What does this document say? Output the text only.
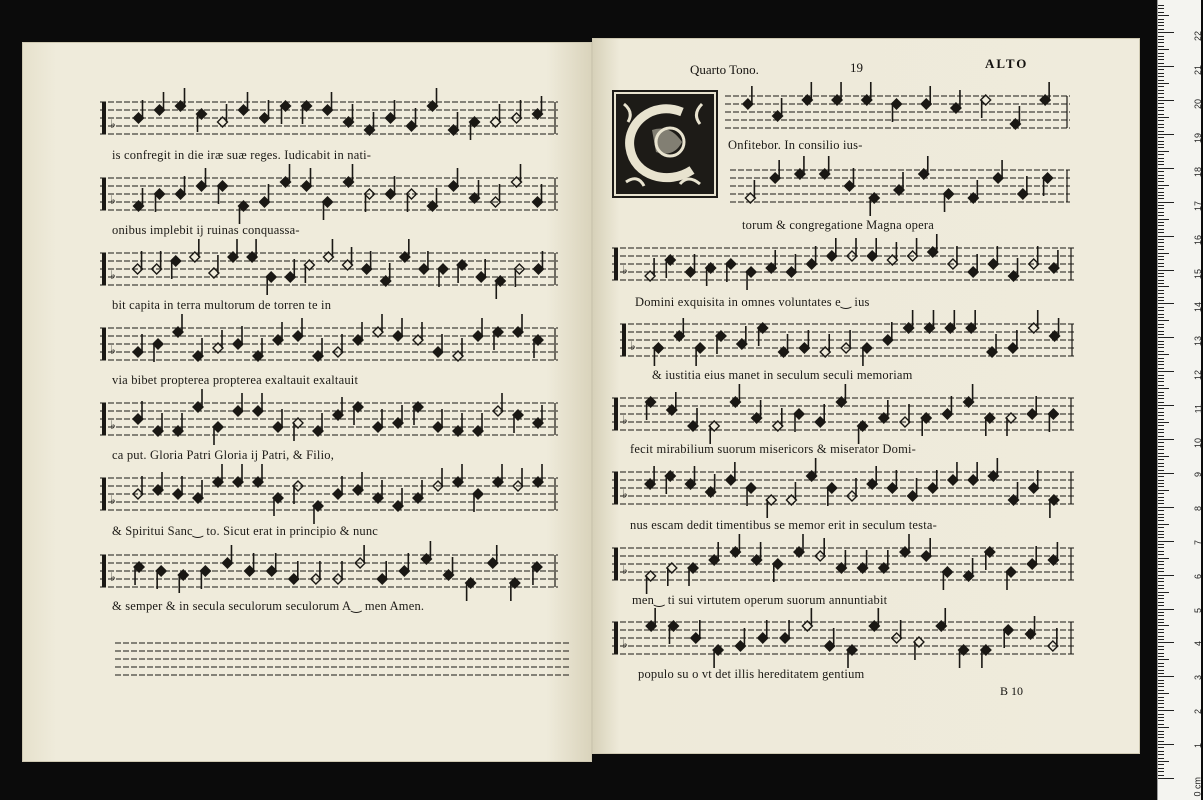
Quarto Tono.	19	ALTO
♭
♭
♭
♭
♭
♭
♭
♭
♭
♭
♭
♭
♭
is confregit in die iræ suæ reges. Iudicabit in nati-
onibus implebit ij ruinas conquassa-
bit capita in terra multorum de torren te in
via bibet propterea propterea exaltauit exaltauit
ca put. Gloria Patri Gloria ij Patri, & Filio,
& Spiritui Sanc‿ to. Sicut erat in principio & nunc
& semper & in secula seculorum seculorum A‿ men Amen.
Onfitebor. In consilio ius-
torum & congregatione Magna opera
Domini exquisita in omnes voluntates e‿ ius
& iustitia eius manet in seculum seculi memoriam
fecit mirabilium suorum misericors & miserator Domi-
nus escam dedit timentibus se memor erit in seculum testa-
men‿ ti sui virtutem operum suorum annuntiabit
populo su o vt det illis hereditatem gentium
B 10
0 cm
1
2
3
4
5
6
7
8
9
10
11
12
13
14
15
16
17
18
19
20
21
22
